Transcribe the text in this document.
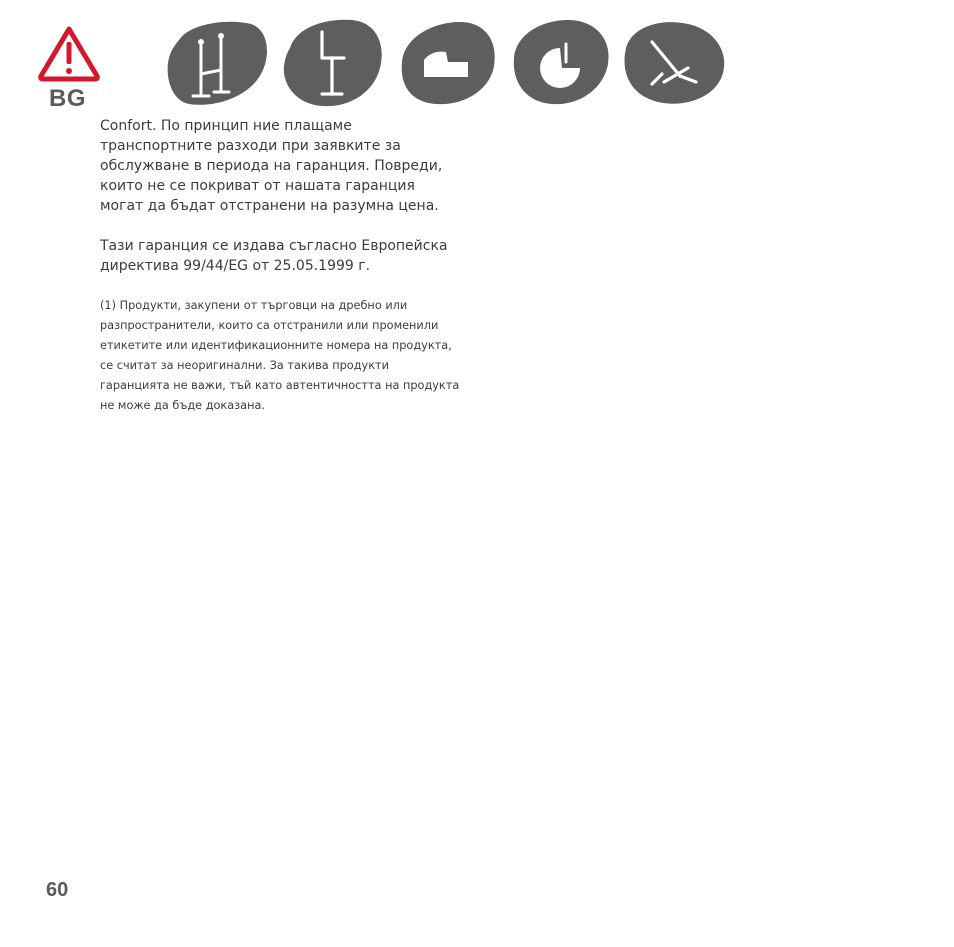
BG

Confort. По принцип ние плащаме транспортните разходи при заявките за обслужване в периода на гаранция. Повреди, които не се покриват от нашата гаранция могат да бъдат отстранени на разумна цена.

Тази гаранция се издава съгласно Европейска директива 99/44/EG от 25.05.1999 г.

(1) Продукти, закупени от търговци на дребно или разпространители, които са отстранили или променили етикетите или идентификационните номера на продукта, се считат за неоригинални. За такива продукти гаранцията не важи, тъй като автентичността на продукта не може да бъде доказана.

60
